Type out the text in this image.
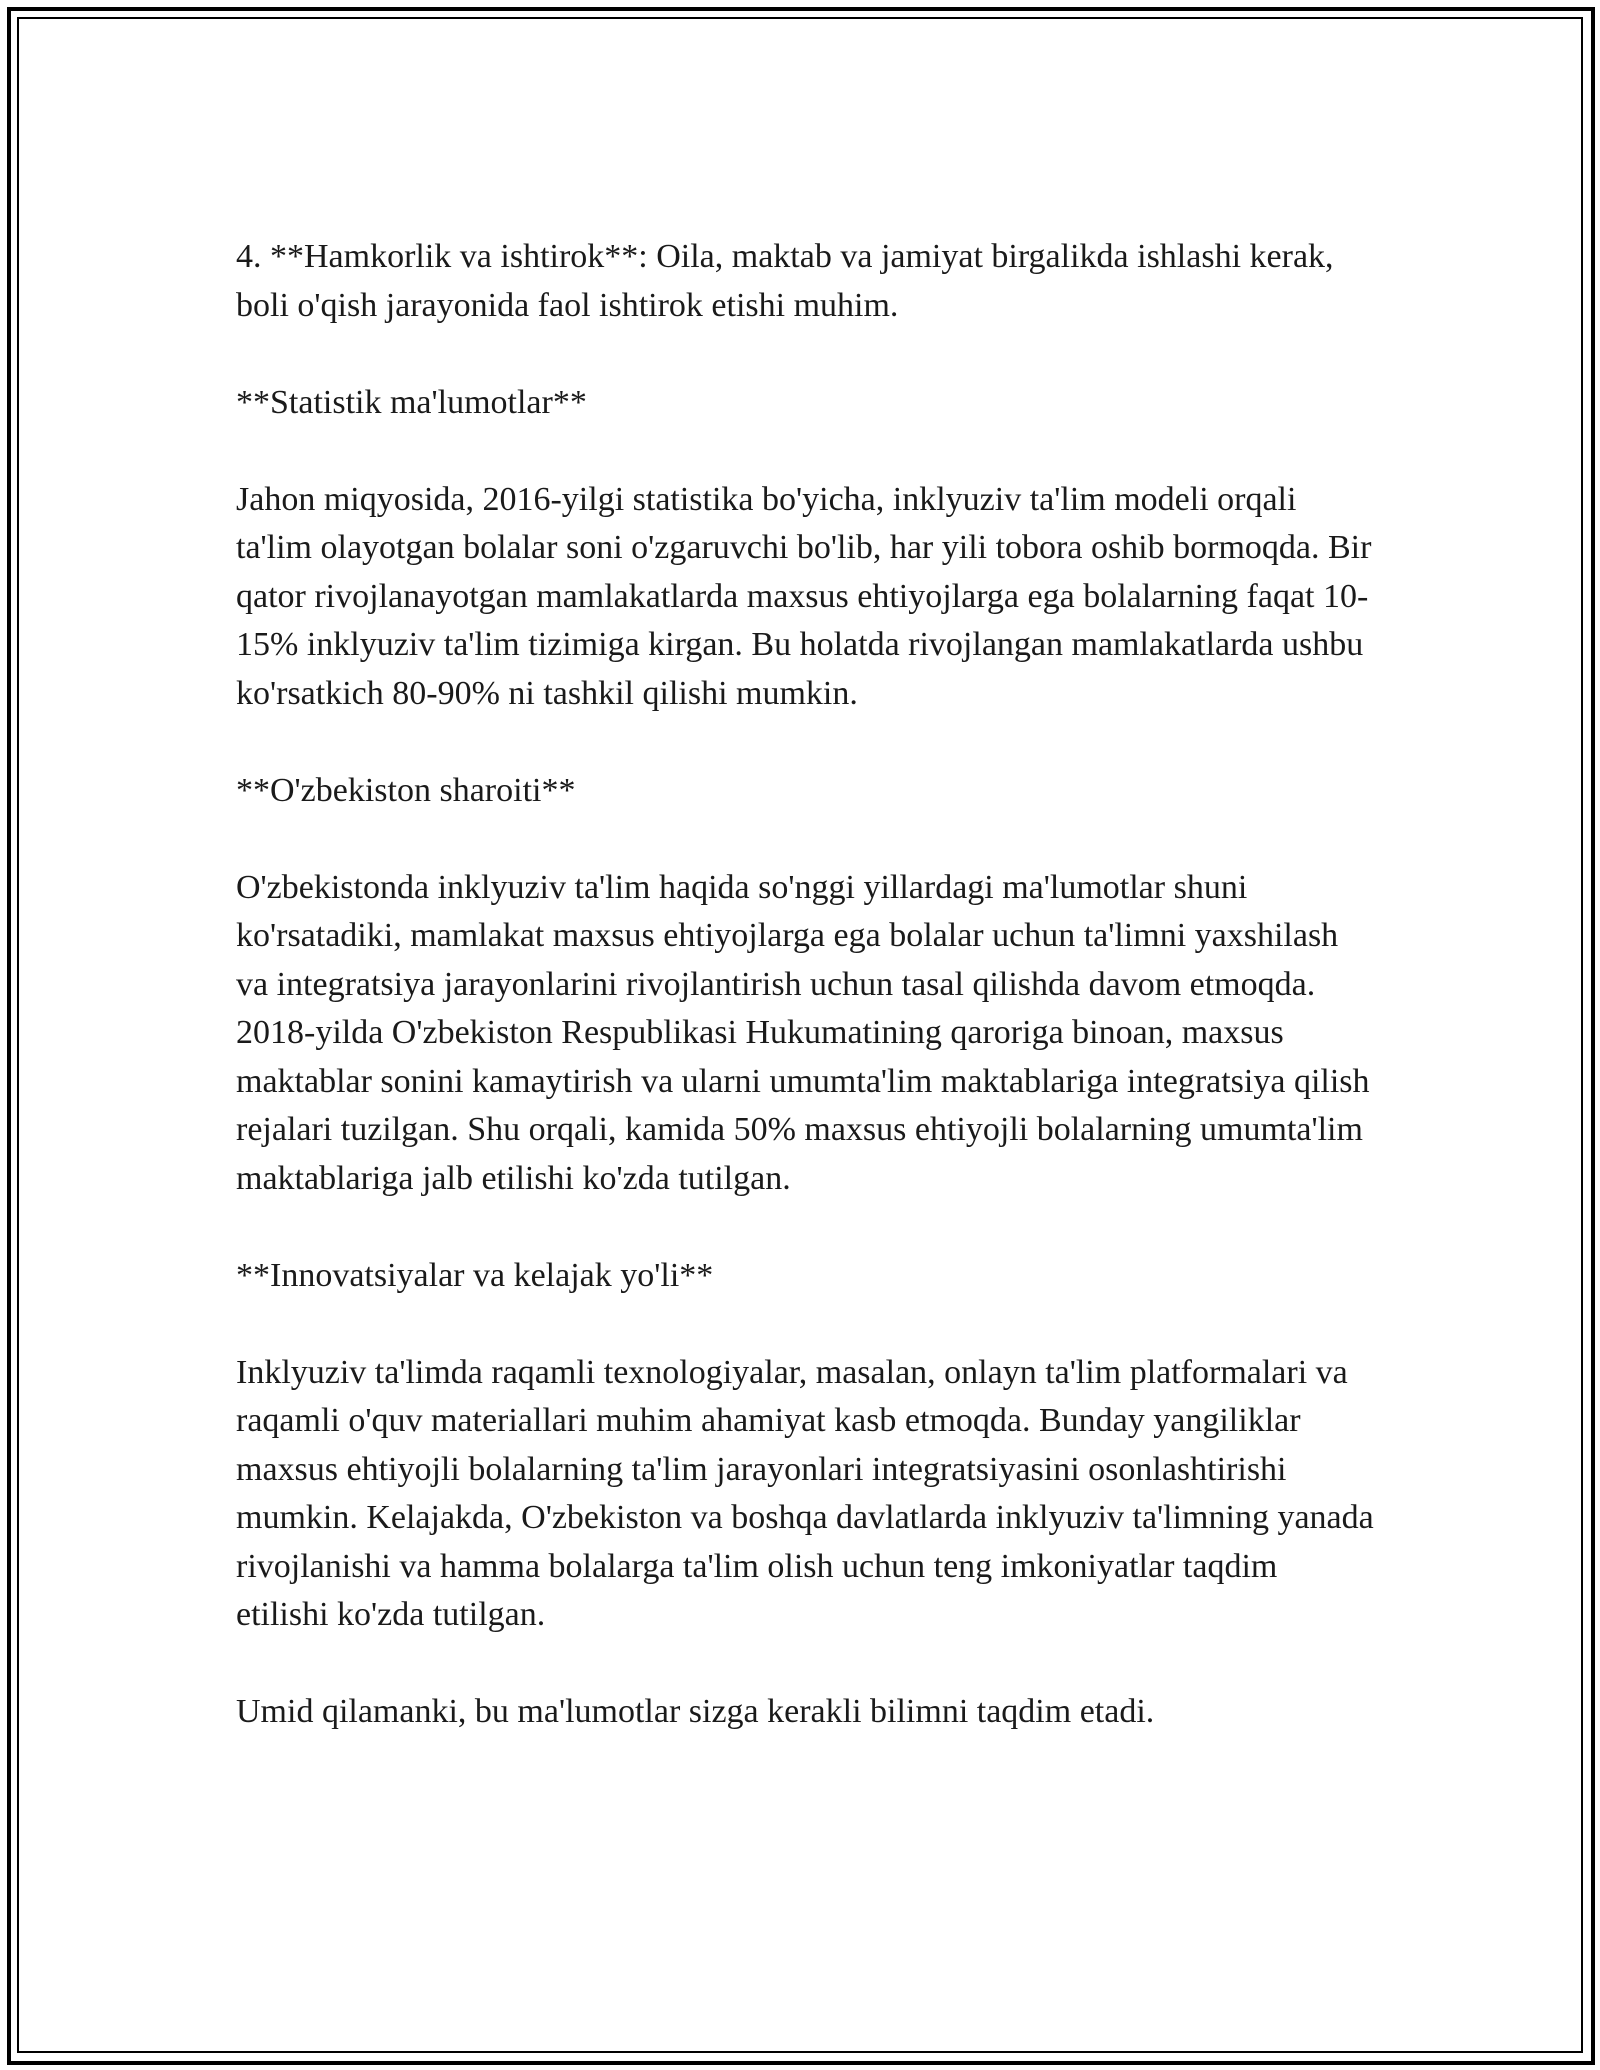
4. **Hamkorlik va ishtirok**: Oila, maktab va jamiyat birgalikda ishlashi kerak, boli o'qish jarayonida faol ishtirok etishi muhim.

**Statistik ma'lumotlar**

Jahon miqyosida, 2016-yilgi statistika bo'yicha, inklyuziv ta'lim modeli orqali ta'lim olayotgan bolalar soni o'zgaruvchi bo'lib, har yili tobora oshib bormoqda. Bir qator rivojlanayotgan mamlakatlarda maxsus ehtiyojlarga ega bolalarning faqat 10-15% inklyuziv ta'lim tizimiga kirgan. Bu holatda rivojlangan mamlakatlarda ushbu ko'rsatkich 80-90% ni tashkil qilishi mumkin.

**O'zbekiston sharoiti**

O'zbekistonda inklyuziv ta'lim haqida so'nggi yillardagi ma'lumotlar shuni ko'rsatadiki, mamlakat maxsus ehtiyojlarga ega bolalar uchun ta'limni yaxshilash va integratsiya jarayonlarini rivojlantirish uchun tasal qilishda davom etmoqda. 2018-yilda O'zbekiston Respublikasi Hukumatining qaroriga binoan, maxsus maktablar sonini kamaytirish va ularni umumta'lim maktablariga integratsiya qilish rejalari tuzilgan. Shu orqali, kamida 50% maxsus ehtiyojli bolalarning umumta'lim maktablariga jalb etilishi ko'zda tutilgan.

**Innovatsiyalar va kelajak yo'li**

Inklyuziv ta'limda raqamli texnologiyalar, masalan, onlayn ta'lim platformalari va raqamli o'quv materiallari muhim ahamiyat kasb etmoqda. Bunday yangiliklar maxsus ehtiyojli bolalarning ta'lim jarayonlari integratsiyasini osonlashtirishi mumkin. Kelajakda, O'zbekiston va boshqa davlatlarda inklyuziv ta'limning yanada rivojlanishi va hamma bolalarga ta'lim olish uchun teng imkoniyatlar taqdim etilishi ko'zda tutilgan.

Umid qilamanki, bu ma'lumotlar sizga kerakli bilimni taqdim etadi.
